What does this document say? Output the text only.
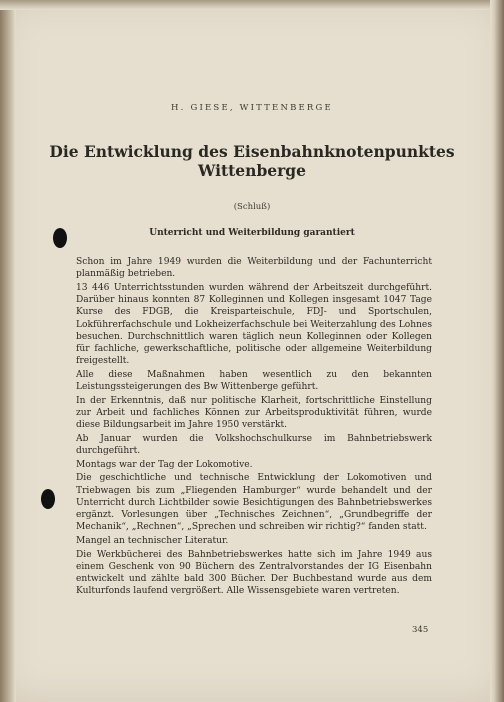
H. GIESE, WITTENBERGE
Die Entwicklung des Eisenbahnknotenpunktes Wittenberge
(Schluß)
Unterricht und Weiterbildung garantiert

Schon im Jahre 1949 wurden die Weiterbildung und der Fachunterricht planmäßig betrieben.

13 446 Unterrichtsstunden wurden während der Arbeitszeit durchgeführt. Darüber hinaus konnten 87 Kolleginnen und Kollegen insgesamt 1047 Tage Kurse des FDGB, die Kreisparteischule, FDJ- und Sportschulen, Lokführerfachschule und Lokheizerfachschule bei Weiterzahlung des Lohnes besuchen. Durchschnittlich waren täglich neun Kolleginnen oder Kollegen für fachliche, gewerkschaftliche, politische oder allgemeine Weiterbildung freigestellt.

Alle diese Maßnahmen haben wesentlich zu den bekannten Leistungssteigerungen des Bw Wittenberge geführt.

In der Erkenntnis, daß nur politische Klarheit, fortschrittliche Einstellung zur Arbeit und fachliches Können zur Arbeitsproduktivität führen, wurde diese Bildungsarbeit im Jahre 1950 verstärkt.

Ab Januar wurden die Volkshochschulkurse im Bahnbetriebswerk durchgeführt.

Montags war der Tag der Lokomotive.

Die geschichtliche und technische Entwicklung der Lokomotiven und Triebwagen bis zum „Fliegenden Hamburger“ wurde behandelt und der Unterricht durch Lichtbilder sowie Besichtigungen des Bahnbetriebswerkes ergänzt. Vorlesungen über „Technisches Zeichnen“, „Grundbegriffe der Mechanik“, „Rechnen“, „Sprechen und schreiben wir richtig?“ fanden statt.

Mangel an technischer Literatur.

Die Werkbücherei des Bahnbetriebswerkes hatte sich im Jahre 1949 aus einem Geschenk von 90 Büchern des Zentralvorstandes der IG Eisenbahn entwickelt und zählte bald 300 Bücher. Der Buchbestand wurde aus dem Kulturfonds laufend vergrößert. Alle Wissensgebiete waren vertreten.

345
